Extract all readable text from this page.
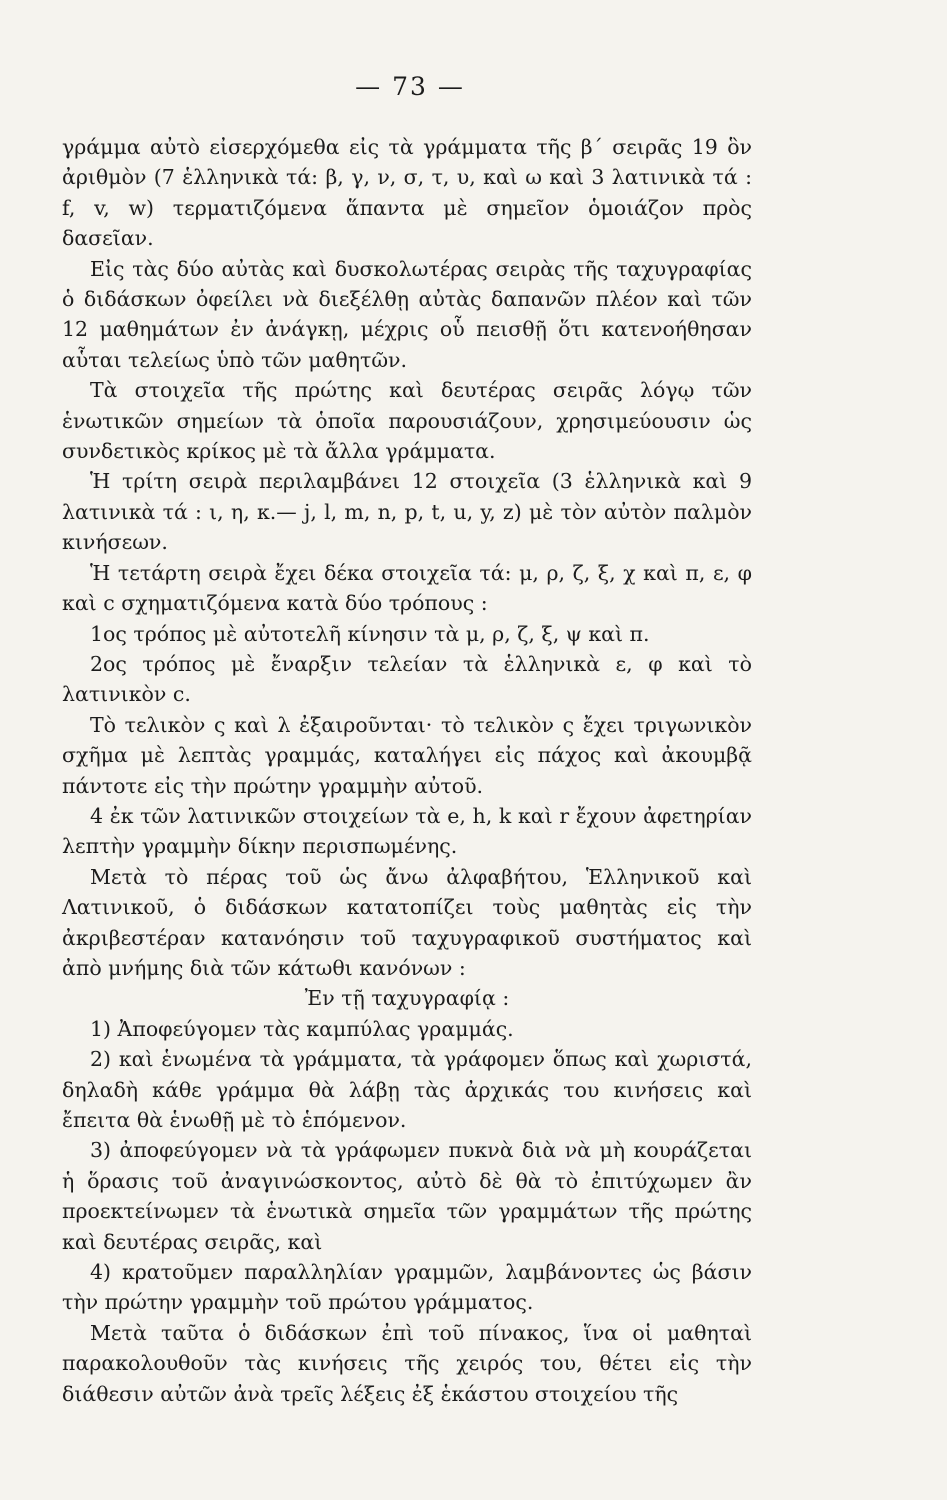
— 73 —

γράμμα αὐτὸ εἰσερχόμεθα εἰς τὰ γράμματα τῆς β΄ σειρᾶς 19 ὃν ἀριθμὸν (7 ἑλληνικὰ τά: β, γ, ν, σ, τ, υ, καὶ ω καὶ 3 λατινικὰ τά : f, v, w) τερματιζόμενα ἅπαντα μὲ σημεῖον ὁμοιάζον πρὸς δασεῖαν.

Εἰς τὰς δύο αὐτὰς καὶ δυσκολωτέρας σειρὰς τῆς ταχυγραφίας ὁ διδάσκων ὀφείλει νὰ διεξέλθῃ αὐτὰς δαπανῶν πλέον καὶ τῶν 12 μαθημάτων ἐν ἀνάγκῃ, μέχρις οὗ πεισθῇ ὅτι κατενοήθησαν αὗται τελείως ὑπὸ τῶν μαθητῶν.

Τὰ στοιχεῖα τῆς πρώτης καὶ δευτέρας σειρᾶς λόγῳ τῶν ἑνωτικῶν σημείων τὰ ὁποῖα παρουσιάζουν, χρησιμεύουσιν ὡς συνδετικὸς κρίκος μὲ τὰ ἄλλα γράμματα.

Ἡ τρίτη σειρὰ περιλαμβάνει 12 στοιχεῖα (3 ἑλληνικὰ καὶ 9 λατινικὰ τά : ι, η, κ.— j, l, m, n, p, t, u, y, z) μὲ τὸν αὐτὸν παλμὸν κινήσεων.

Ἡ τετάρτη σειρὰ ἔχει δέκα στοιχεῖα τά: μ, ρ, ζ, ξ, χ καὶ π, ε, φ καὶ c σχηματιζόμενα κατὰ δύο τρόπους :

1ος τρόπος μὲ αὐτοτελῆ κίνησιν τὰ μ, ρ, ζ, ξ, ψ καὶ π.

2ος τρόπος μὲ ἔναρξιν τελείαν τὰ ἑλληνικὰ ε, φ καὶ τὸ λατινικὸν c.

Τὸ τελικὸν ς καὶ λ ἐξαιροῦνται· τὸ τελικὸν ς ἔχει τριγωνικὸν σχῆμα μὲ λεπτὰς γραμμάς, καταλήγει εἰς πάχος καὶ ἀκουμβᾷ πάντοτε εἰς τὴν πρώτην γραμμὴν αὐτοῦ.

4 ἐκ τῶν λατινικῶν στοιχείων τὰ e, h, k καὶ r ἔχουν ἀφετηρίαν λεπτὴν γραμμὴν δίκην περισπωμένης.

Μετὰ τὸ πέρας τοῦ ὡς ἄνω ἀλφαβήτου, Ἑλληνικοῦ καὶ Λατινικοῦ, ὁ διδάσκων κατατοπίζει τοὺς μαθητὰς εἰς τὴν ἀκριβεστέραν κατανόησιν τοῦ ταχυγραφικοῦ συστήματος καὶ ἀπὸ μνήμης διὰ τῶν κάτωθι κανόνων :

Ἐν τῇ ταχυγραφίᾳ :

1) Ἀποφεύγομεν τὰς καμπύλας γραμμάς.

2) καὶ ἑνωμένα τὰ γράμματα, τὰ γράφομεν ὅπως καὶ χωριστά, δηλαδὴ κάθε γράμμα θὰ λάβῃ τὰς ἀρχικάς του κινήσεις καὶ ἔπειτα θὰ ἑνωθῇ μὲ τὸ ἑπόμενον.

3) ἀποφεύγομεν νὰ τὰ γράφωμεν πυκνὰ διὰ νὰ μὴ κουράζεται ἡ ὅρασις τοῦ ἀναγινώσκοντος, αὐτὸ δὲ θὰ τὸ ἐπιτύχωμεν ἂν προεκτείνωμεν τὰ ἑνωτικὰ σημεῖα τῶν γραμμάτων τῆς πρώτης καὶ δευτέρας σειρᾶς, καὶ

4) κρατοῦμεν παραλληλίαν γραμμῶν, λαμβάνοντες ὡς βάσιν τὴν πρώτην γραμμὴν τοῦ πρώτου γράμματος.

Μετὰ ταῦτα ὁ διδάσκων ἐπὶ τοῦ πίνακος, ἵνα οἱ μαθηταὶ παρακολουθοῦν τὰς κινήσεις τῆς χειρός του, θέτει εἰς τὴν διάθεσιν αὐτῶν ἀνὰ τρεῖς λέξεις ἐξ ἑκάστου στοιχείου τῆς
